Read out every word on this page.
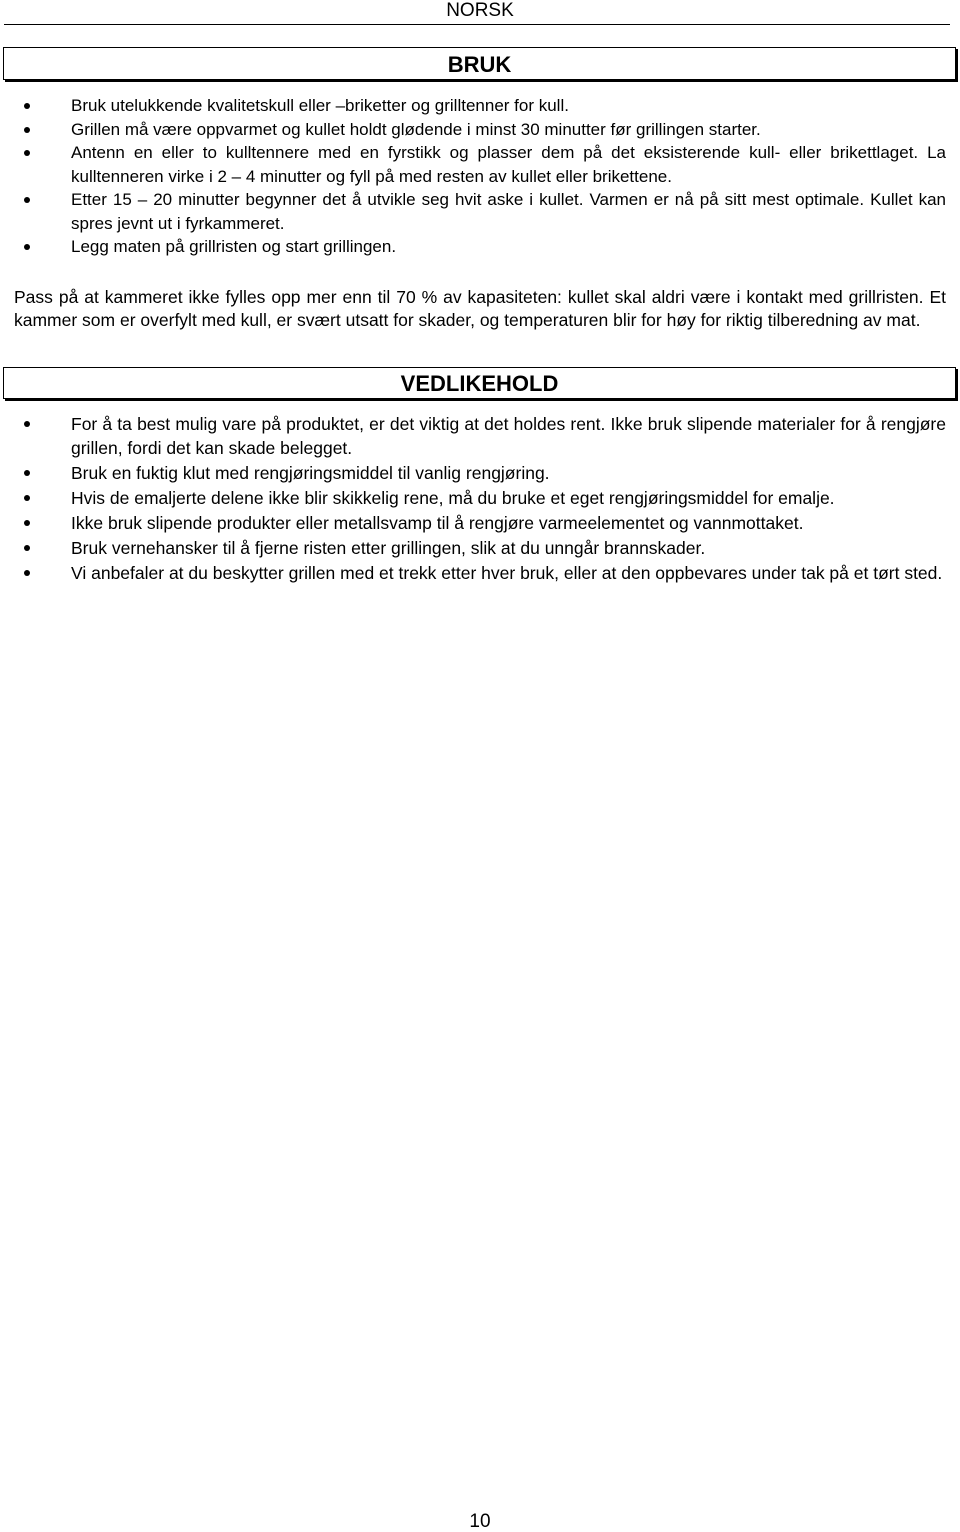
NORSK
BRUK
Bruk utelukkende kvalitetskull eller –briketter og grilltenner for kull.
Grillen må være oppvarmet og kullet holdt glødende i minst 30 minutter før grillingen starter.
Antenn en eller to kulltennere med en fyrstikk og plasser dem på det eksisterende kull- eller brikettlaget. La kulltenneren virke i 2 – 4 minutter og fyll på med resten av kullet eller brikettene.
Etter 15 – 20 minutter begynner det å utvikle seg hvit aske i kullet. Varmen er nå på sitt mest optimale. Kullet kan spres jevnt ut i fyrkammeret.
Legg maten på grillristen og start grillingen.

Pass på at kammeret ikke fylles opp mer enn til 70 % av kapasiteten: kullet skal aldri være i kontakt med grillristen. Et kammer som er overfylt med kull, er svært utsatt for skader, og temperaturen blir for høy for riktig tilberedning av mat.

VEDLIKEHOLD
For å ta best mulig vare på produktet, er det viktig at det holdes rent. Ikke bruk slipende materialer for å rengjøre grillen, fordi det kan skade belegget.
Bruk en fuktig klut med rengjøringsmiddel til vanlig rengjøring.
Hvis de emaljerte delene ikke blir skikkelig rene, må du bruke et eget rengjøringsmiddel for emalje.
Ikke bruk slipende produkter eller metallsvamp til å rengjøre varmeelementet og vannmottaket.
Bruk vernehansker til å fjerne risten etter grillingen, slik at du unngår brannskader.
Vi anbefaler at du beskytter grillen med et trekk etter hver bruk, eller at den oppbevares under tak på et tørt sted.
10
